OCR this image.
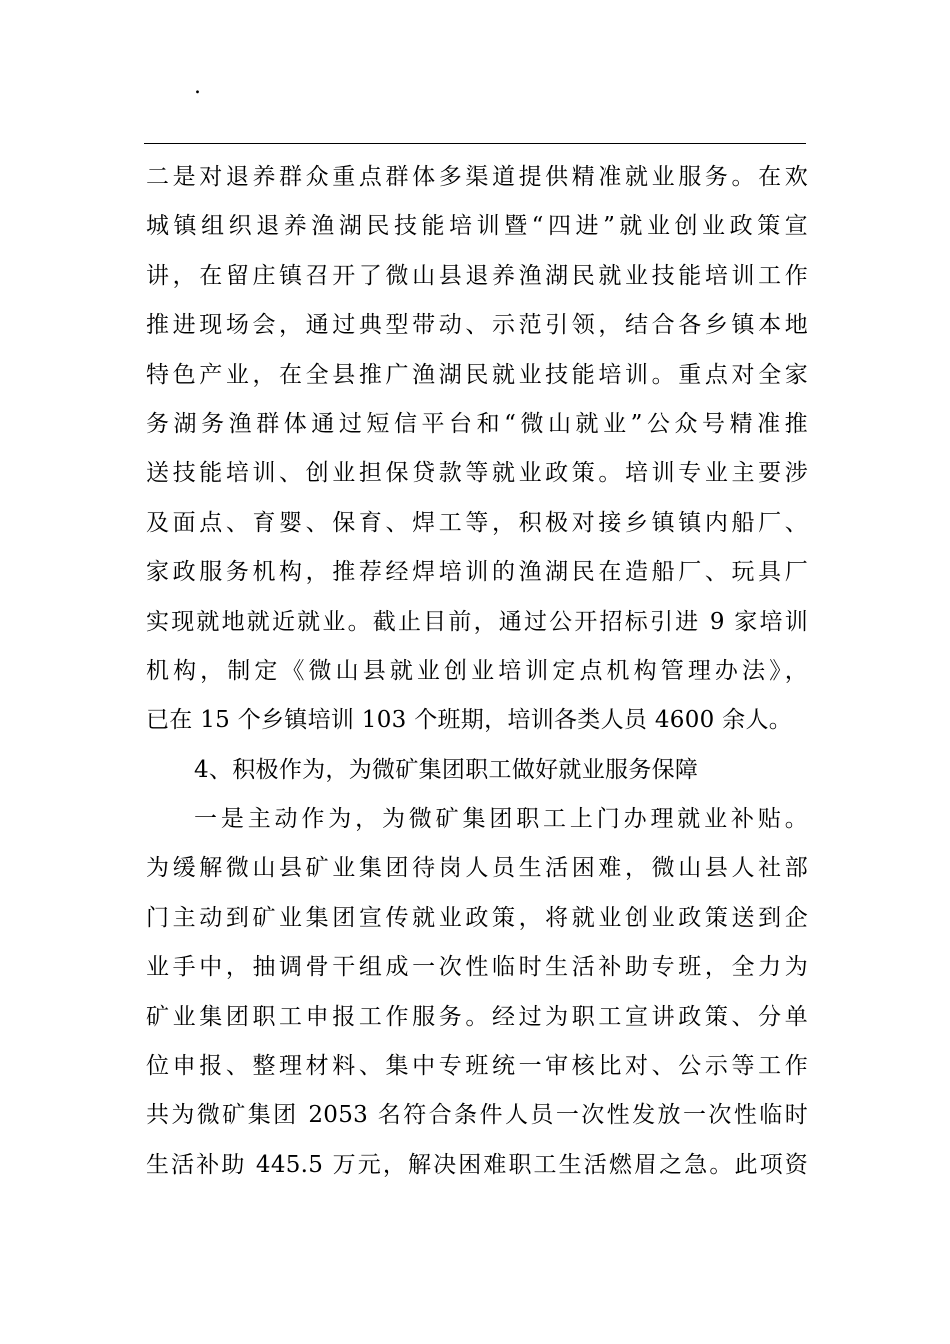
.
二是对退养群众重点群体多渠道提供精准就业服务。在欢
城镇组织退养渔湖民技能培训暨“四进”就业创业政策宣
讲，在留庄镇召开了微山县退养渔湖民就业技能培训工作
推进现场会，通过典型带动、示范引领，结合各乡镇本地
特色产业，在全县推广渔湖民就业技能培训。重点对全家
务湖务渔群体通过短信平台和“微山就业”公众号精准推
送技能培训、创业担保贷款等就业政策。培训专业主要涉
及面点、育婴、保育、焊工等，积极对接乡镇镇内船厂、
家政服务机构，推荐经焊培训的渔湖民在造船厂、玩具厂
实现就地就近就业。截止目前，通过公开招标引进 9 家培训
机构，制定《微山县就业创业培训定点机构管理办法》，
已在 15 个乡镇培训 103 个班期，培训各类人员 4600 余人。
4、积极作为，为微矿集团职工做好就业服务保障
一是主动作为，为微矿集团职工上门办理就业补贴。
为缓解微山县矿业集团待岗人员生活困难，微山县人社部
门主动到矿业集团宣传就业政策，将就业创业政策送到企
业手中，抽调骨干组成一次性临时生活补助专班，全力为
矿业集团职工申报工作服务。经过为职工宣讲政策、分单
位申报、整理材料、集中专班统一审核比对、公示等工作
共为微矿集团 2053 名符合条件人员一次性发放一次性临时
生活补助 445.5 万元，解决困难职工生活燃眉之急。此项资
